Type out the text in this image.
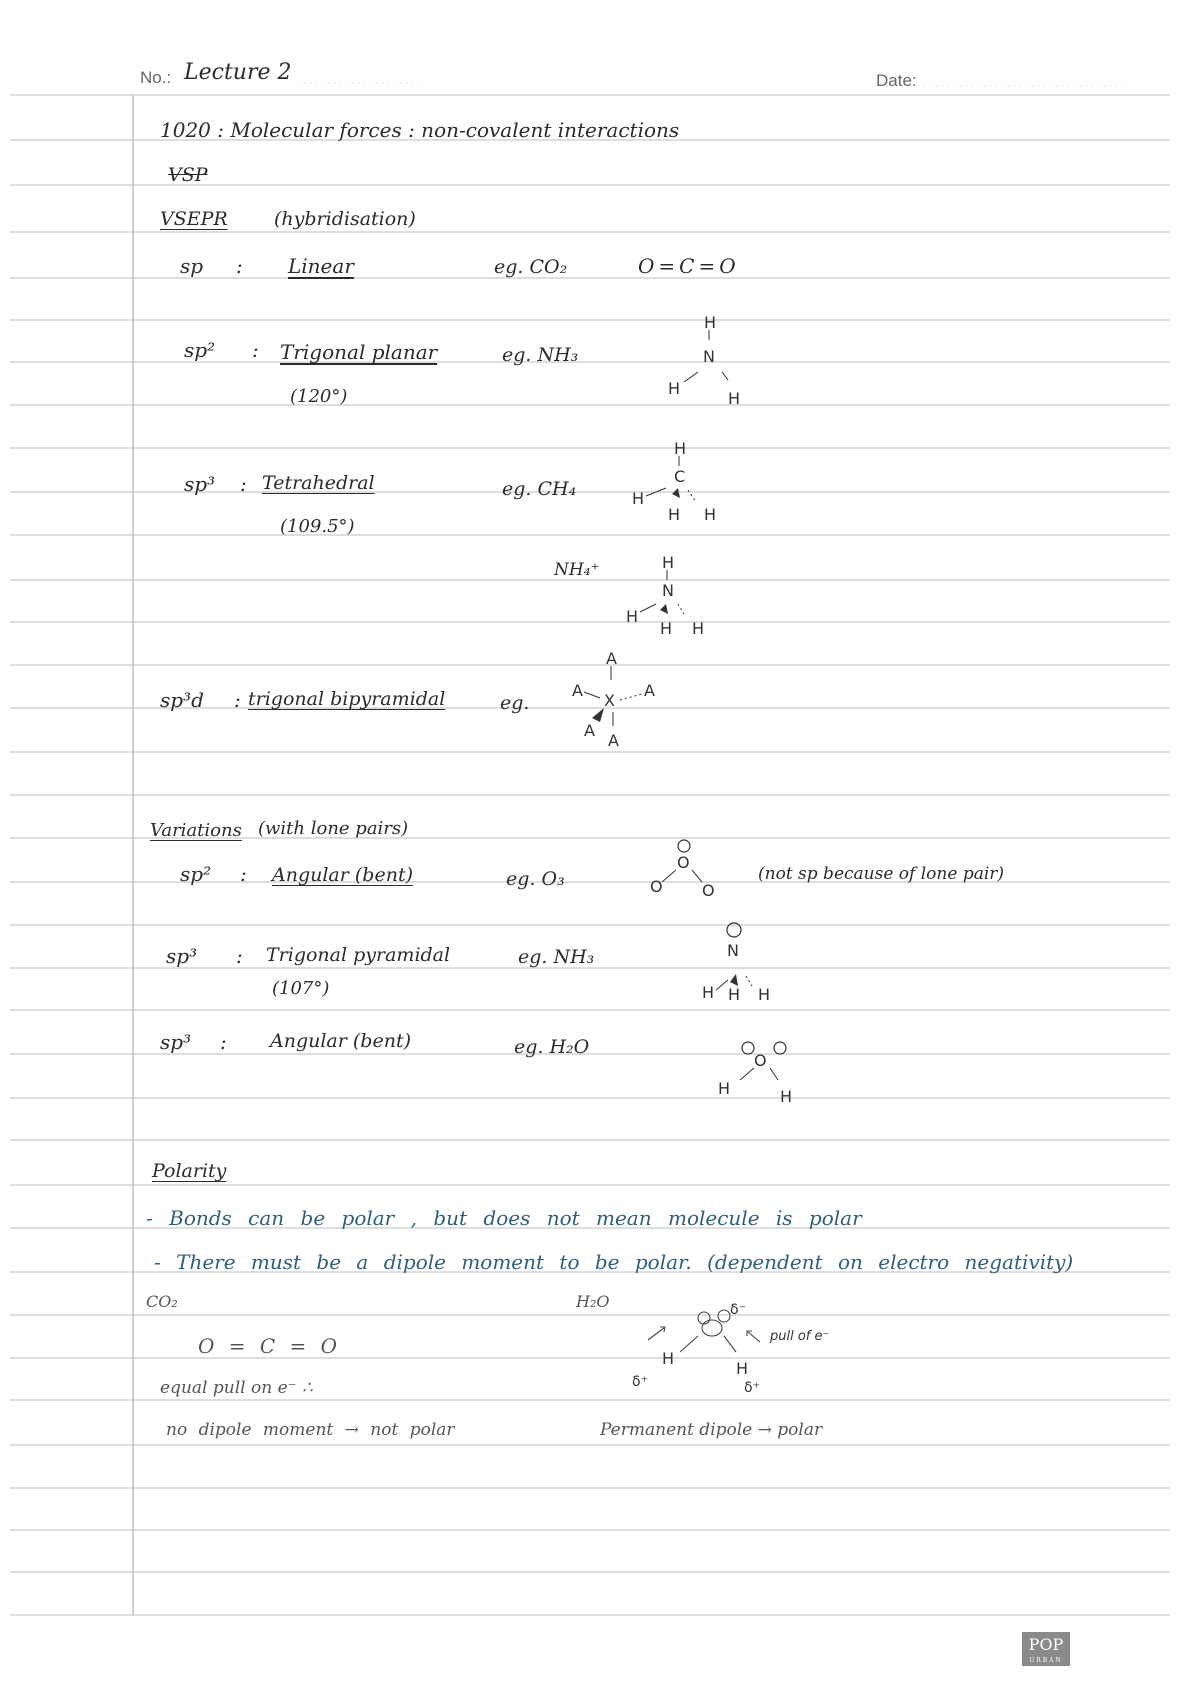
No.: Lecture 2	Date:
1020 : Molecular forces : non-covalent interactions
VSP
VSEPR (hybridisation)
sp : Linear	eg. CO₂	O=C=O
sp² : Trigonal planar
(120°)
eg. NH₃
H
N
H
H
sp³ : Tetrahedral
(109.5°)
eg. CH₄
H
C
H
H H
NH₄⁺	H
N
H
H H
sp³d : trigonal bipyramidal	eg.
A
A
X
A
A
A
Variations (with lone pairs)
sp² : Angular (bent)	eg. O₃
O
O O
(not sp because of lone pair)
sp³ : Trigonal pyramidal
(107°)
eg. NH₃	N
H H H
sp³ : Angular (bent)	eg. H₂O
O
H	H
Polarity
- Bonds can be polar , but does not mean molecule is polar
- There must be a dipole moment to be polar. (dependent on electro negativity)
CO₂
O = C = O
equal pull on e⁻ ∴
no dipole moment → not polar
H₂O	δ⁻
pull of e⁻
H
H
δ⁺	δ⁺
Permanent dipole → polar
POP
URBAN
